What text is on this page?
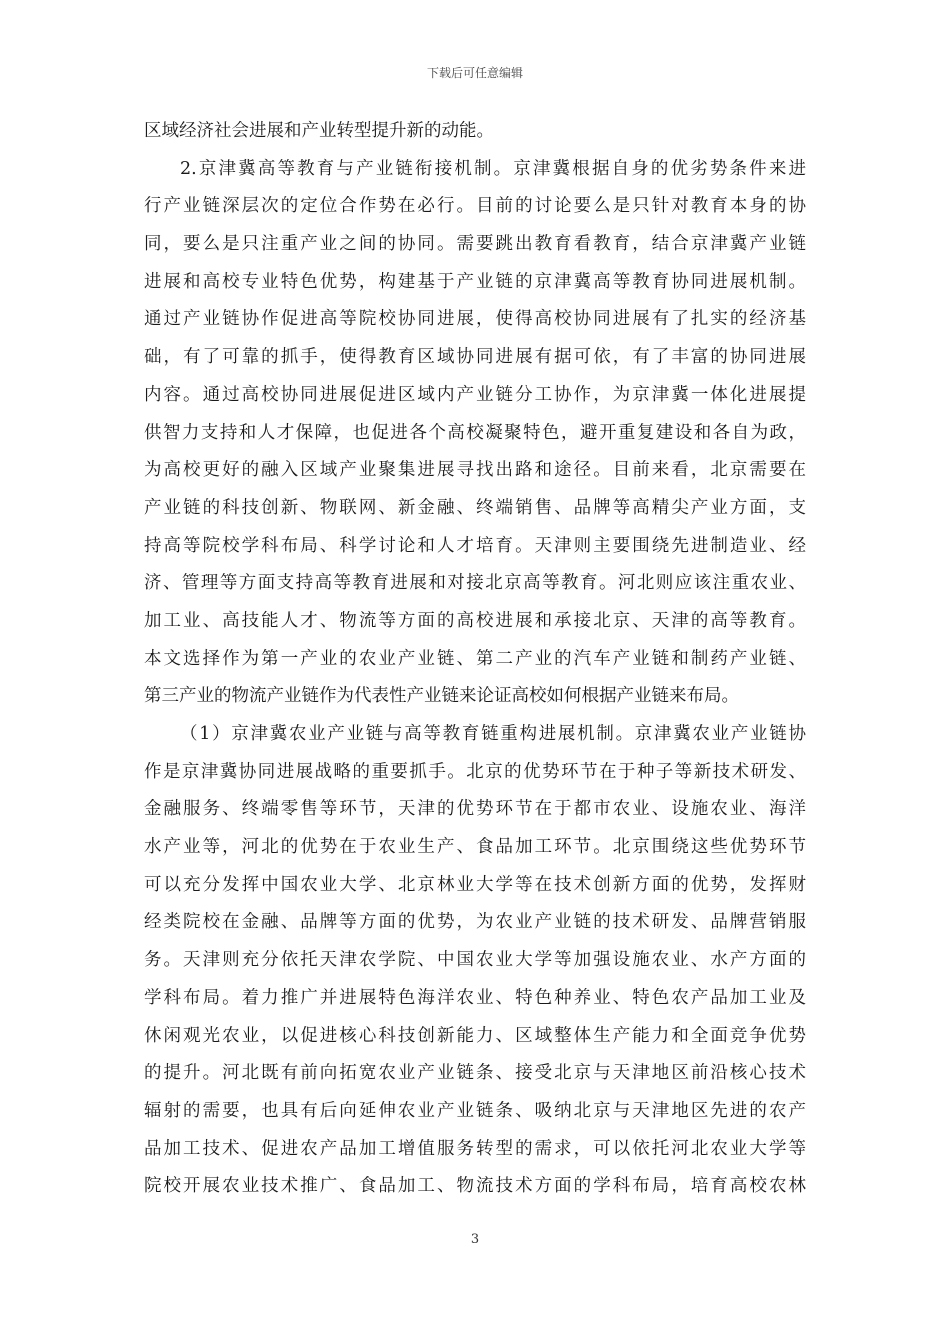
下载后可任意编辑
区域经济社会进展和产业转型提升新的动能。
2.京津冀高等教育与产业链衔接机制。京津冀根据自身的优劣势条件来进
行产业链深层次的定位合作势在必行。目前的讨论要么是只针对教育本身的协
同，要么是只注重产业之间的协同。需要跳出教育看教育，结合京津冀产业链
进展和高校专业特色优势，构建基于产业链的京津冀高等教育协同进展机制。
通过产业链协作促进高等院校协同进展，使得高校协同进展有了扎实的经济基
础，有了可靠的抓手，使得教育区域协同进展有据可依，有了丰富的协同进展
内容。通过高校协同进展促进区域内产业链分工协作，为京津冀一体化进展提
供智力支持和人才保障，也促进各个高校凝聚特色，避开重复建设和各自为政，
为高校更好的融入区域产业聚集进展寻找出路和途径。目前来看，北京需要在
产业链的科技创新、物联网、新金融、终端销售、品牌等高精尖产业方面，支
持高等院校学科布局、科学讨论和人才培育。天津则主要围绕先进制造业、经
济、管理等方面支持高等教育进展和对接北京高等教育。河北则应该注重农业、
加工业、高技能人才、物流等方面的高校进展和承接北京、天津的高等教育。
本文选择作为第一产业的农业产业链、第二产业的汽车产业链和制药产业链、
第三产业的物流产业链作为代表性产业链来论证高校如何根据产业链来布局。
（1）京津冀农业产业链与高等教育链重构进展机制。京津冀农业产业链协
作是京津冀协同进展战略的重要抓手。北京的优势环节在于种子等新技术研发、
金融服务、终端零售等环节，天津的优势环节在于都市农业、设施农业、海洋
水产业等，河北的优势在于农业生产、食品加工环节。北京围绕这些优势环节
可以充分发挥中国农业大学、北京林业大学等在技术创新方面的优势，发挥财
经类院校在金融、品牌等方面的优势，为农业产业链的技术研发、品牌营销服
务。天津则充分依托天津农学院、中国农业大学等加强设施农业、水产方面的
学科布局。着力推广并进展特色海洋农业、特色种养业、特色农产品加工业及
休闲观光农业，以促进核心科技创新能力、区域整体生产能力和全面竞争优势
的提升。河北既有前向拓宽农业产业链条、接受北京与天津地区前沿核心技术
辐射的需要，也具有后向延伸农业产业链条、吸纳北京与天津地区先进的农产
品加工技术、促进农产品加工增值服务转型的需求，可以依托河北农业大学等
院校开展农业技术推广、食品加工、物流技术方面的学科布局，培育高校农林
3
